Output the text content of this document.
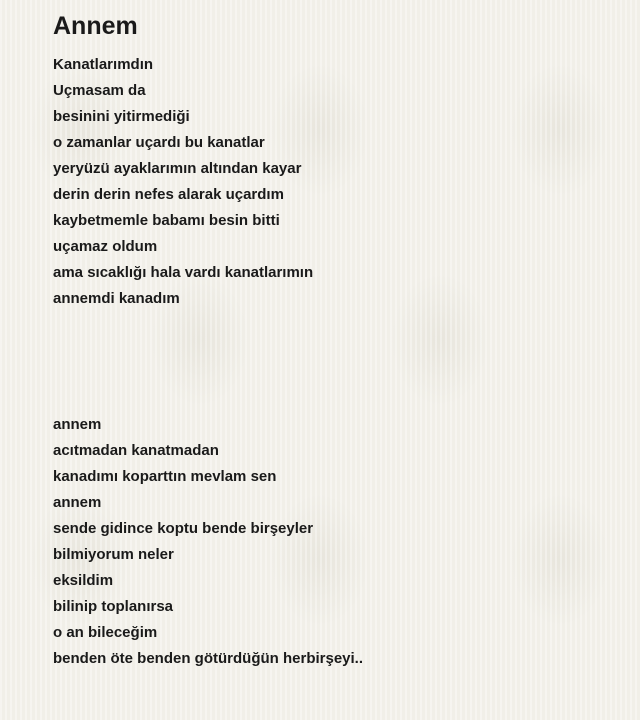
Annem
Kanatlarımdın
Uçmasam da
besinini yitirmediği
o zamanlar uçardı bu kanatlar
yeryüzü ayaklarımın altından kayar
derin derin nefes alarak uçardım
kaybetmemle babamı besin bitti
uçamaz oldum
ama sıcaklığı hala vardı kanatlarımın
annemdi kanadım
annem
acıtmadan kanatmadan
kanadımı koparttın mevlam sen
annem
sende gidince koptu bende birşeyler
bilmiyorum neler
eksildim
bilinip toplanırsa
o an bileceğim
benden öte benden götürdüğün herbirşeyi..
